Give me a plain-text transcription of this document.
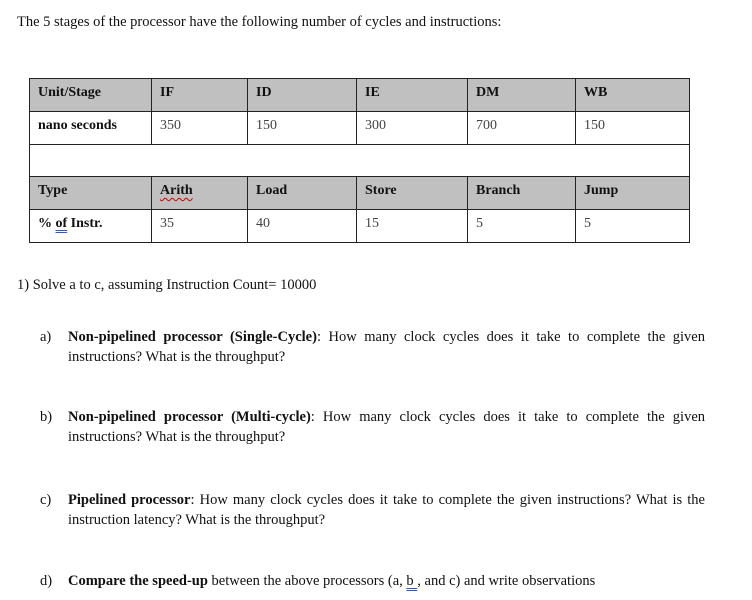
The 5 stages of the processor have the following number of cycles and instructions:
Unit/Stage	IF	ID	IE	DM	WB
nano seconds	350	150	300	700	150

Type	Arith	Load	Store	Branch	Jump
% of Instr.	35	40	15	5	5
1) Solve a to c, assuming Instruction Count= 10000
a) Non-pipelined processor (Single-Cycle): How many clock cycles does it take to complete the given instructions? What is the throughput?
b) Non-pipelined processor (Multi-cycle): How many clock cycles does it take to complete the given instructions? What is the throughput?
c) Pipelined processor: How many clock cycles does it take to complete the given instructions? What is the instruction latency? What is the throughput?
d) Compare the speed-up between the above processors (a, b , and c) and write observations
